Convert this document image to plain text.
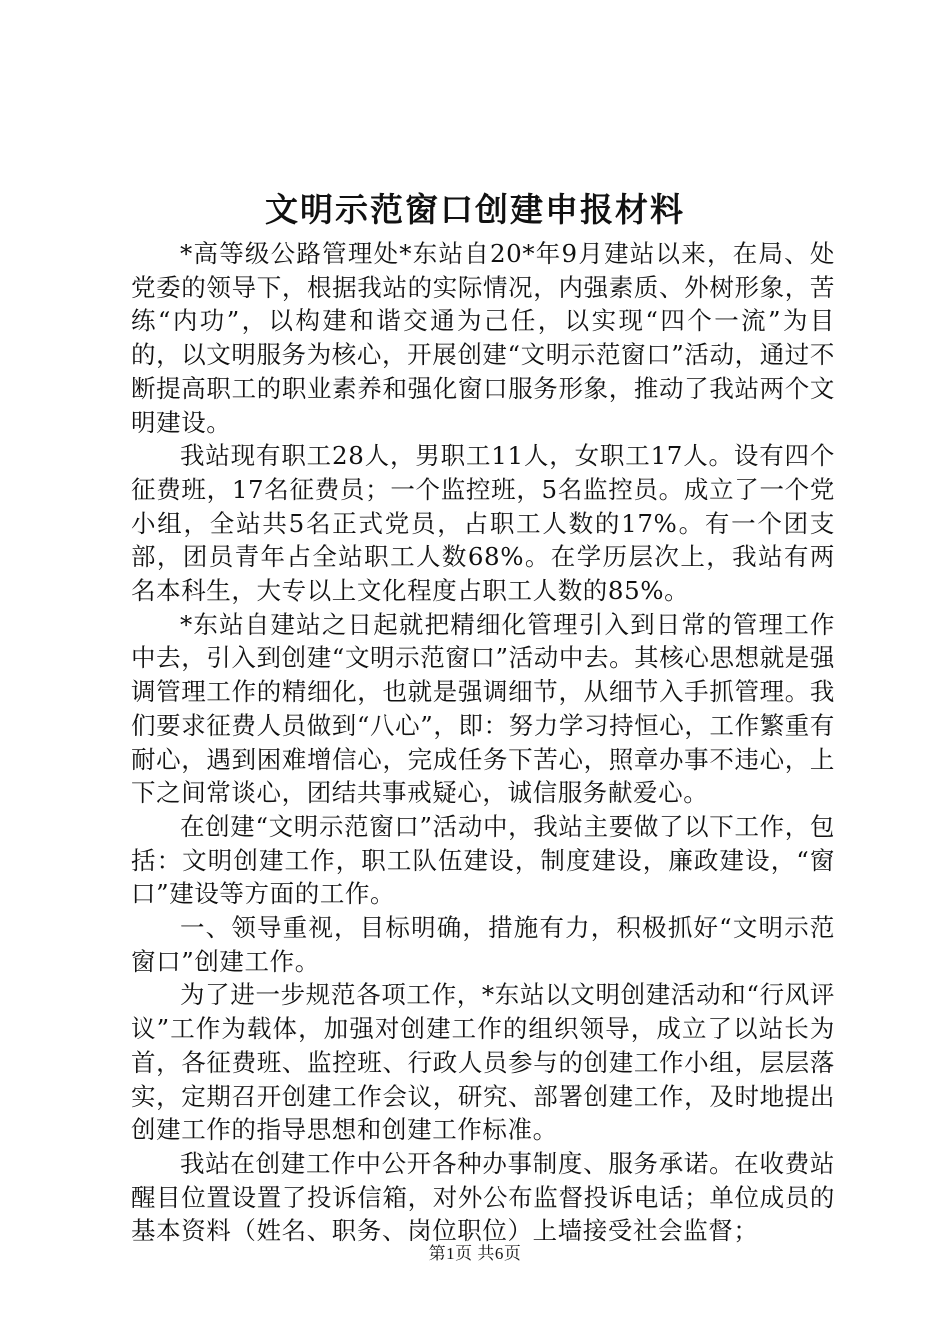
文明示范窗口创建申报材料

*高等级公路管理处*东站自20*年9月建站以来，在局、处党委的领导下，根据我站的实际情况，内强素质、外树形象，苦练“内功”，以构建和谐交通为己任，以实现“四个一流”为目的，以文明服务为核心，开展创建“文明示范窗口”活动，通过不断提高职工的职业素养和强化窗口服务形象，推动了我站两个文明建设。

我站现有职工28人，男职工11人，女职工17人。设有四个征费班，17名征费员；一个监控班，5名监控员。成立了一个党小组，全站共5名正式党员，占职工人数的17%。有一个团支部，团员青年占全站职工人数68%。在学历层次上，我站有两名本科生，大专以上文化程度占职工人数的85%。

*东站自建站之日起就把精细化管理引入到日常的管理工作中去，引入到创建“文明示范窗口”活动中去。其核心思想就是强调管理工作的精细化，也就是强调细节，从细节入手抓管理。我们要求征费人员做到“八心”，即：努力学习持恒心，工作繁重有耐心，遇到困难增信心，完成任务下苦心，照章办事不违心，上下之间常谈心，团结共事戒疑心，诚信服务献爱心。

在创建“文明示范窗口”活动中，我站主要做了以下工作，包括：文明创建工作，职工队伍建设，制度建设，廉政建设，“窗口”建设等方面的工作。

一、领导重视，目标明确，措施有力，积极抓好“文明示范窗口”创建工作。

为了进一步规范各项工作，*东站以文明创建活动和“行风评议”工作为载体，加强对创建工作的组织领导，成立了以站长为首，各征费班、监控班、行政人员参与的创建工作小组，层层落实，定期召开创建工作会议，研究、部署创建工作，及时地提出创建工作的指导思想和创建工作标准。

我站在创建工作中公开各种办事制度、服务承诺。在收费站醒目位置设置了投诉信箱，对外公布监督投诉电话；单位成员的基本资料（姓名、职务、岗位职位）上墙接受社会监督；

第1页 共6页
